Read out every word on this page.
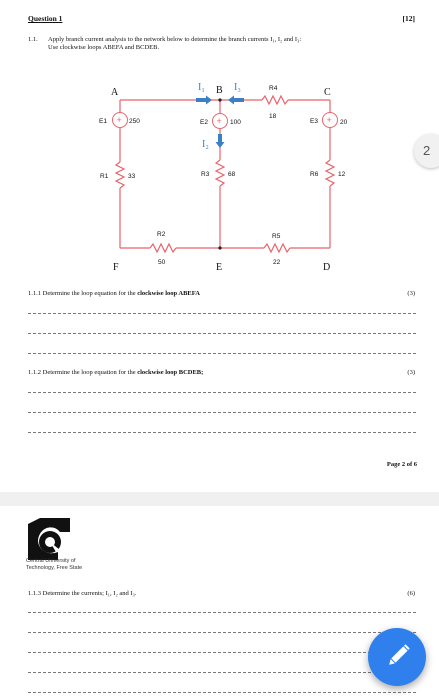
Question 1	[12]
1.1. Apply branch current analysis to the network below to determine the branch currents I₁, I₂ and I₃:
Use clockwise loops ABEFA and BCDEB.
+	+	+
A	B	C
D
E
F
I₁	I₃
I₂
E1	250	E2	100	E3	20
R1	33
R2
50
R3	68
R4
18
R5
22
R6	12
1.1.1 Determine the loop equation for the clockwise loop ABEFA	(3)
1.1.2 Determine the loop equation for the clockwise loop BCDEB;	(3)
Page 2 of 6
2
Central University of
Technology, Free State
1.1.3 Determine the currents; I₁, I₂ and I₃.	(6)
